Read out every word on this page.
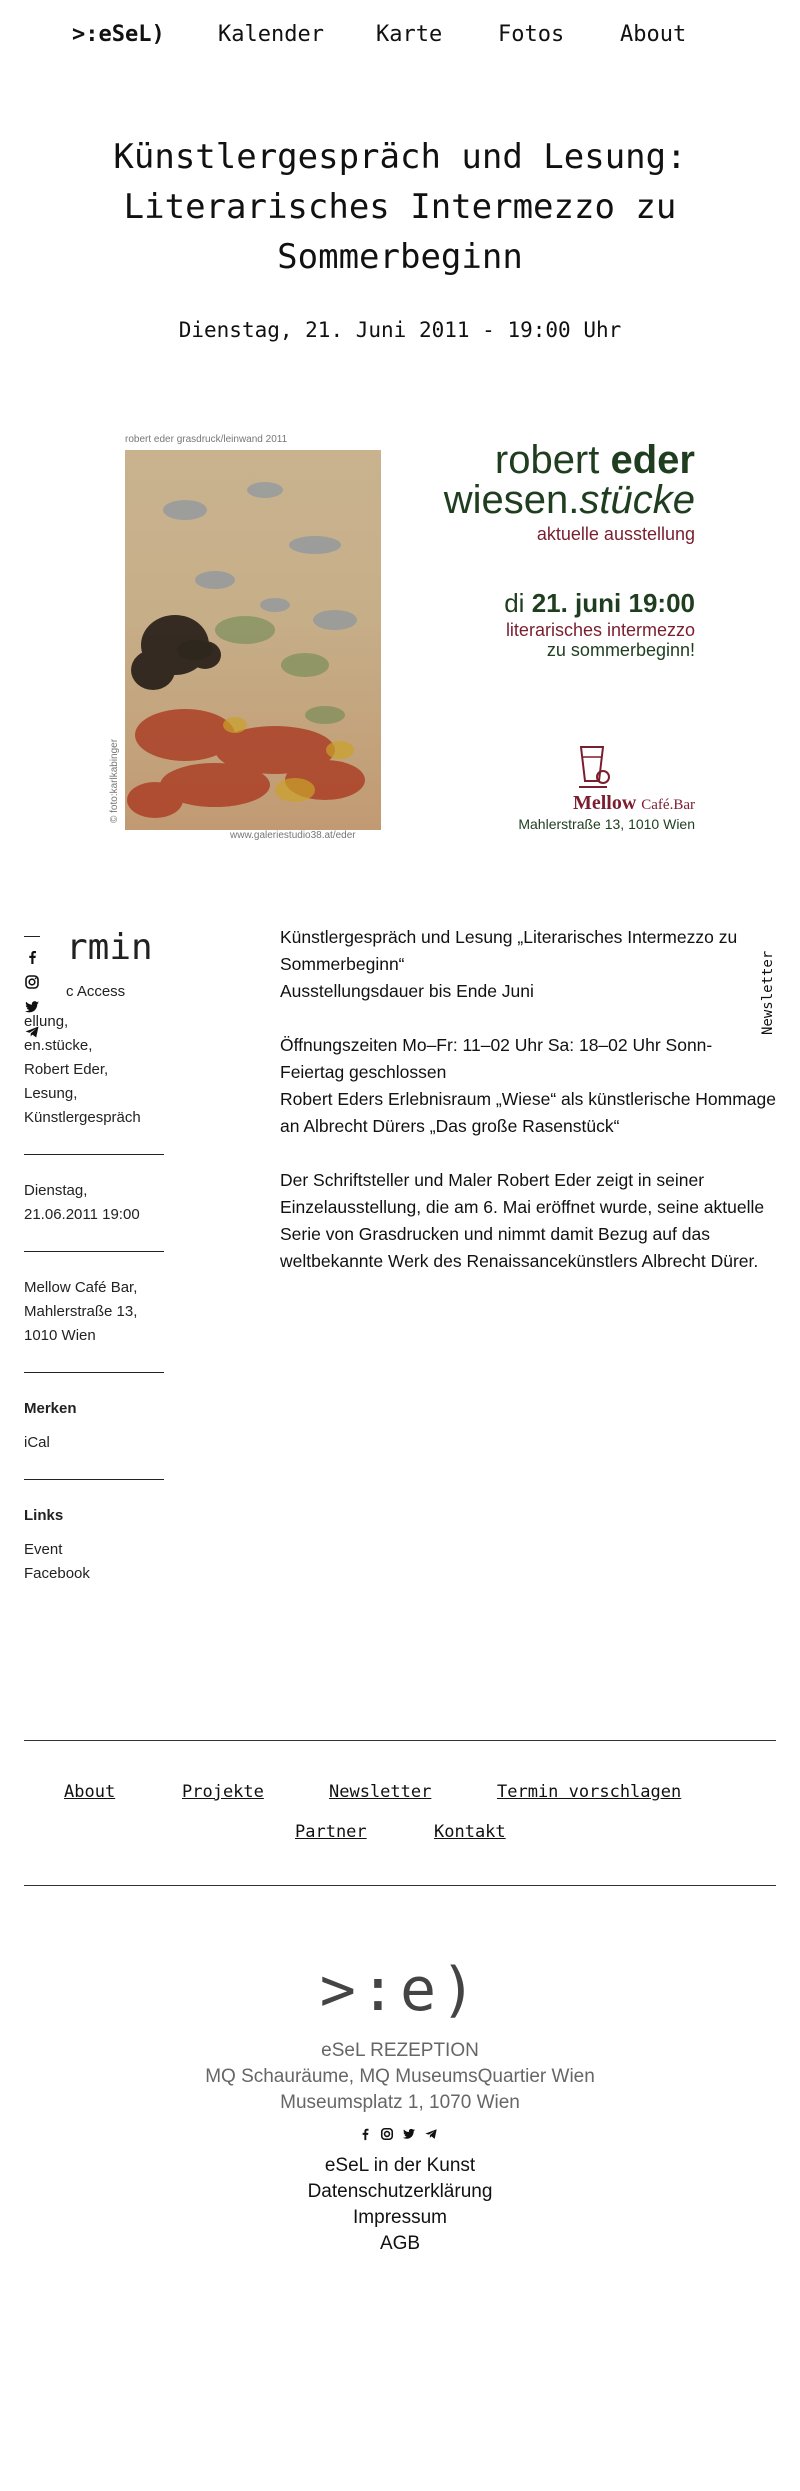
>:eSeL) Kalender Karte	Fotos	About
Künstlergespräch und Lesung: Literarisches Intermezzo zu Sommerbeginn
Dienstag, 21. Juni 2011 - 19:00 Uhr
robert eder grasdruck/leinwand 2011
© foto:karlkabinger
www.galeriestudio38.at/eder
robert eder
wiesen.stücke
aktuelle ausstellung
di 21. juni 19:00
literarisches intermezzo
zu sommerbeginn!
Mellow Café.Bar
Mahlerstraße 13, 1010 Wien
rmin
c Access
ellung,
en.stücke,
Robert Eder,
Lesung,
Künstlergespräch
Dienstag,
21.06.2011 19:00
Mellow Café Bar,
Mahlerstraße 13,
1010 Wien
Merken
iCal
Links
Event
Facebook

Künstlergespräch und Lesung „Literarisches Intermezzo zu Sommerbeginn“
Ausstellungsdauer bis Ende Juni

Öffnungszeiten Mo–Fr: 11–02 Uhr Sa: 18–02 Uhr Sonn- Feiertag geschlossen
Robert Eders Erlebnisraum „Wiese“ als künstlerische Hommage an Albrecht Dürers „Das große Rasenstück“

Der Schriftsteller und Maler Robert Eder zeigt in seiner Einzelausstellung, die am 6. Mai eröffnet wurde, seine aktuelle Serie von Grasdrucken und nimmt damit Bezug auf das weltbekannte Werk des Renaissancekünstlers Albrecht Dürer.

Newsletter
About	Projekte	Newsletter	Termin vorschlagen
Partner	Kontakt
>:e)
eSeL REZEPTION
MQ Schauräume, MQ MuseumsQuartier Wien
Museumsplatz 1, 1070 Wien
eSeL in der Kunst
Datenschutzerklärung
Impressum
AGB
